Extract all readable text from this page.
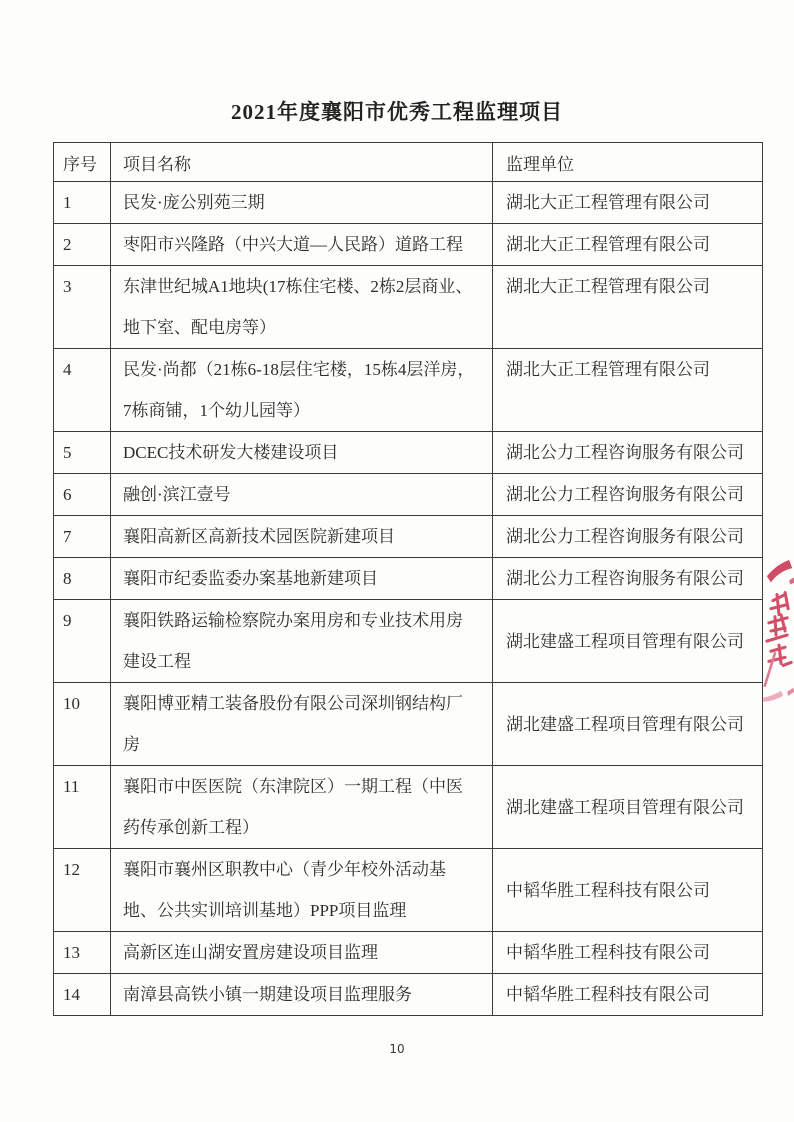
2021年度襄阳市优秀工程监理项目
序号	项目名称	监理单位
1	民发·庞公别苑三期	湖北大正工程管理有限公司
2	枣阳市兴隆路（中兴大道—人民路）道路工程	湖北大正工程管理有限公司
3	东津世纪城A1地块(17栋住宅楼、2栋2层商业、地下室、配电房等）	湖北大正工程管理有限公司
4	民发·尚都（21栋6-18层住宅楼，15栋4层洋房，7栋商铺，1个幼儿园等）	湖北大正工程管理有限公司
5	DCEC技术研发大楼建设项目	湖北公力工程咨询服务有限公司
6	融创·滨江壹号	湖北公力工程咨询服务有限公司
7	襄阳高新区高新技术园医院新建项目	湖北公力工程咨询服务有限公司
8	襄阳市纪委监委办案基地新建项目	湖北公力工程咨询服务有限公司
9	襄阳铁路运输检察院办案用房和专业技术用房建设工程	湖北建盛工程项目管理有限公司
10	襄阳博亚精工装备股份有限公司深圳钢结构厂房	湖北建盛工程项目管理有限公司
11	襄阳市中医医院（东津院区）一期工程（中医药传承创新工程）	湖北建盛工程项目管理有限公司
12	襄阳市襄州区职教中心（青少年校外活动基地、公共实训培训基地）PPP项目监理	中韬华胜工程科技有限公司
13	高新区连山湖安置房建设项目监理	中韬华胜工程科技有限公司
14	南漳县高铁小镇一期建设项目监理服务	中韬华胜工程科技有限公司
10
